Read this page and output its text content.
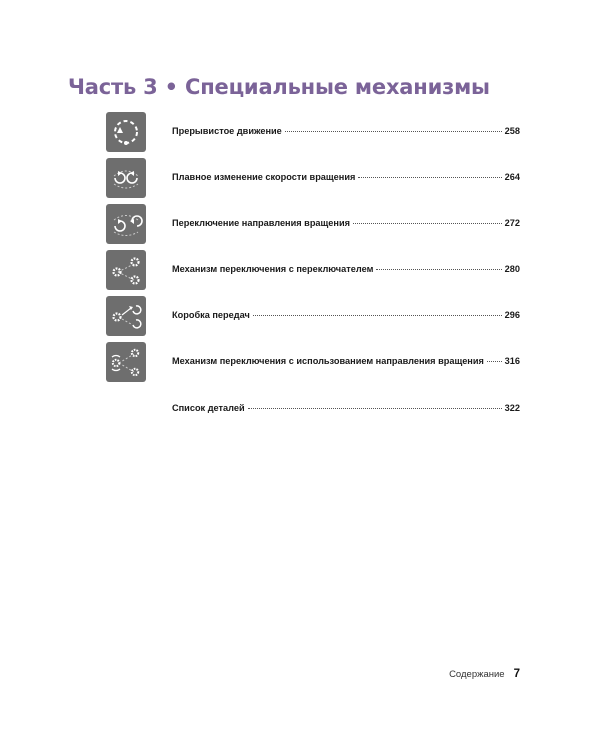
Часть 3 • Специальные механизмы
Прерывистое движение	258
Плавное изменение скорости вращения	264
Переключение направления вращения	272
Механизм переключения с переключателем	280
Коробка передач	296
Механизм переключения с использованием направления вращения 316
Список деталей	322
Содержание 7
